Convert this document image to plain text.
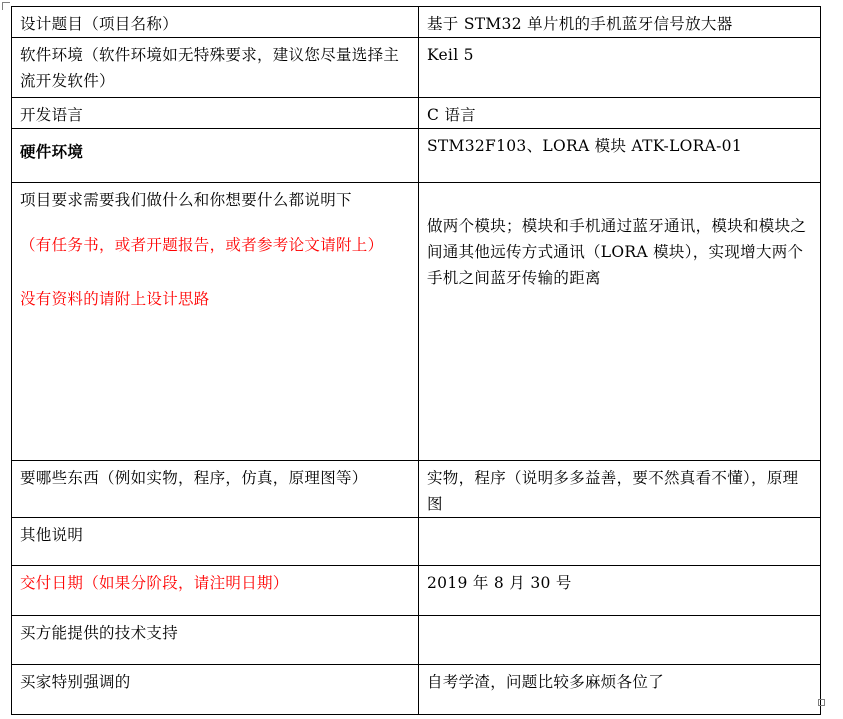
设计题目（项目名称）	基于 STM32 单片机的手机蓝牙信号放大器
软件环境（软件环境如无特殊要求，建议您尽量选择主流开发软件）	Keil 5
开发语言	C 语言
硬件环境	STM32F103、LORA 模块 ATK-LORA-01

项目要求需要我们做什么和你想要什么都说明下
（有任务书，或者开题报告，或者参考论文请附上）
没有资料的请附上设计思路	做两个模块；模块和手机通过蓝牙通讯，模块和模块之间通其他远传方式通讯（LORA 模块），实现增大两个手机之间蓝牙传输的距离

要哪些东西（例如实物，程序，仿真，原理图等）	实物，程序（说明多多益善，要不然真看不懂），原理图
其他说明	
交付日期（如果分阶段，请注明日期）	2019 年 8 月 30 号
买方能提供的技术支持	
买家特别强调的	自考学渣，问题比较多麻烦各位了
